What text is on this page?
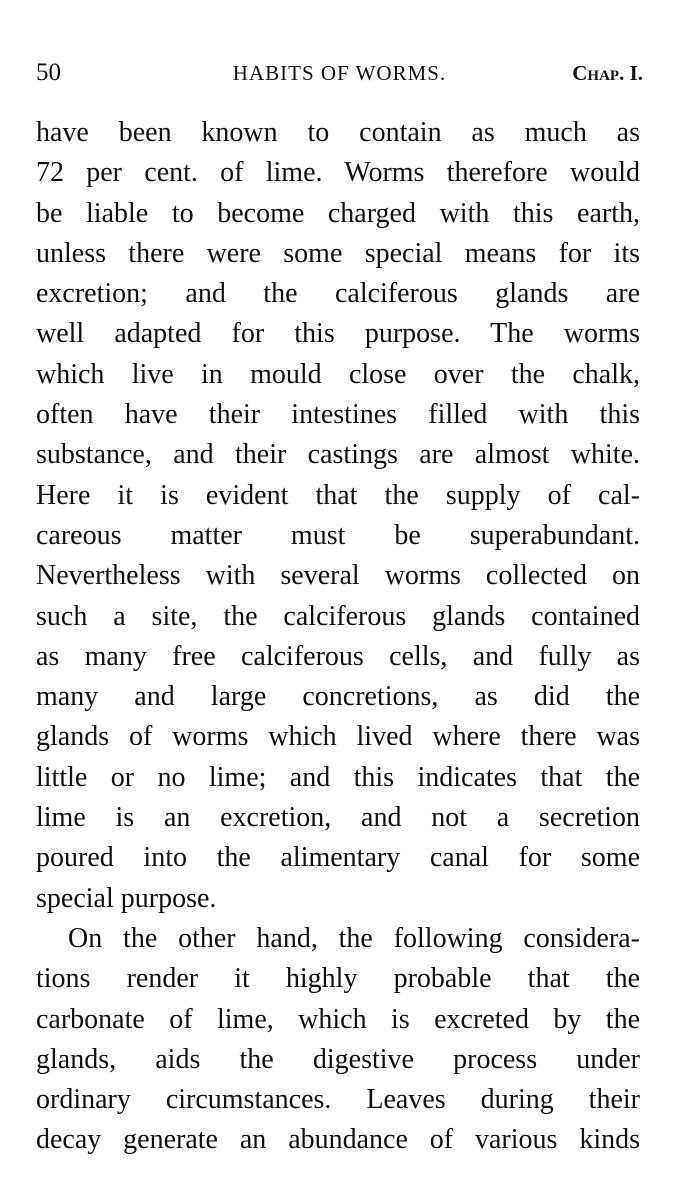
50	HABITS OF WORMS.	Chap. I.
have been known to contain as much as
72 per cent. of lime. Worms therefore would
be liable to become charged with this earth,
unless there were some special means for its
excretion; and the calciferous glands are
well adapted for this purpose. The worms
which live in mould close over the chalk,
often have their intestines filled with this
substance, and their castings are almost white.
Here it is evident that the supply of cal-
careous matter must be superabundant.
Nevertheless with several worms collected on
such a site, the calciferous glands contained
as many free calciferous cells, and fully as
many and large concretions, as did the
glands of worms which lived where there was
little or no lime; and this indicates that the
lime is an excretion, and not a secretion
poured into the alimentary canal for some
special purpose.
On the other hand, the following considera-
tions render it highly probable that the
carbonate of lime, which is excreted by the
glands, aids the digestive process under
ordinary circumstances. Leaves during their
decay generate an abundance of various kinds
